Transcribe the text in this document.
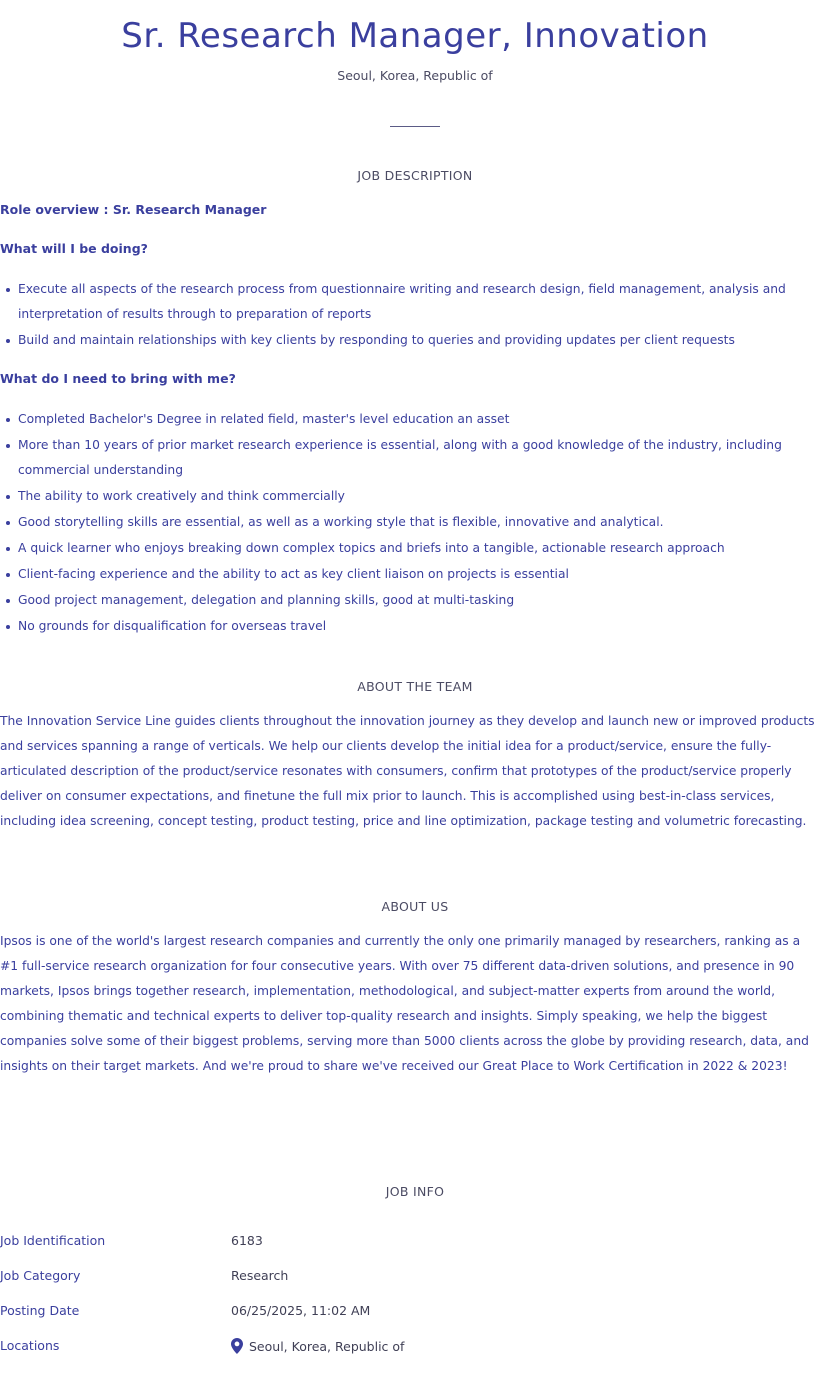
Sr. Research Manager, Innovation
Seoul, Korea, Republic of
JOB DESCRIPTION
Role overview : Sr. Research Manager
What will I be doing?
Execute all aspects of the research process from questionnaire writing and research design, field management, analysis and interpretation of results through to preparation of reports
Build and maintain relationships with key clients by responding to queries and providing updates per client requests
What do I need to bring with me?
Completed Bachelor's Degree in related field, master's level education an asset
More than 10 years of prior market research experience is essential, along with a good knowledge of the industry, including commercial understanding
The ability to work creatively and think commercially
Good storytelling skills are essential, as well as a working style that is flexible, innovative and analytical.
A quick learner who enjoys breaking down complex topics and briefs into a tangible, actionable research approach
Client-facing experience and the ability to act as key client liaison on projects is essential
Good project management, delegation and planning skills, good at multi-tasking
No grounds for disqualification for overseas travel
ABOUT THE TEAM
The Innovation Service Line guides clients throughout the innovation journey as they develop and launch new or improved products and services spanning a range of verticals. We help our clients develop the initial idea for a product/service, ensure the fully-articulated description of the product/service resonates with consumers, confirm that prototypes of the product/service properly deliver on consumer expectations, and finetune the full mix prior to launch. This is accomplished using best-in-class services, including idea screening, concept testing, product testing, price and line optimization, package testing and volumetric forecasting.
ABOUT US
Ipsos is one of the world's largest research companies and currently the only one primarily managed by researchers, ranking as a #1 full-service research organization for four consecutive years. With over 75 different data-driven solutions, and presence in 90 markets, Ipsos brings together research, implementation, methodological, and subject-matter experts from around the world, combining thematic and technical experts to deliver top-quality research and insights. Simply speaking, we help the biggest companies solve some of their biggest problems, serving more than 5000 clients across the globe by providing research, data, and insights on their target markets. And we're proud to share we've received our Great Place to Work Certification in 2022 & 2023!
JOB INFO
Job Identification	6183
Job Category	Research
Posting Date	06/25/2025, 11:02 AM
Locations	Seoul, Korea, Republic of
